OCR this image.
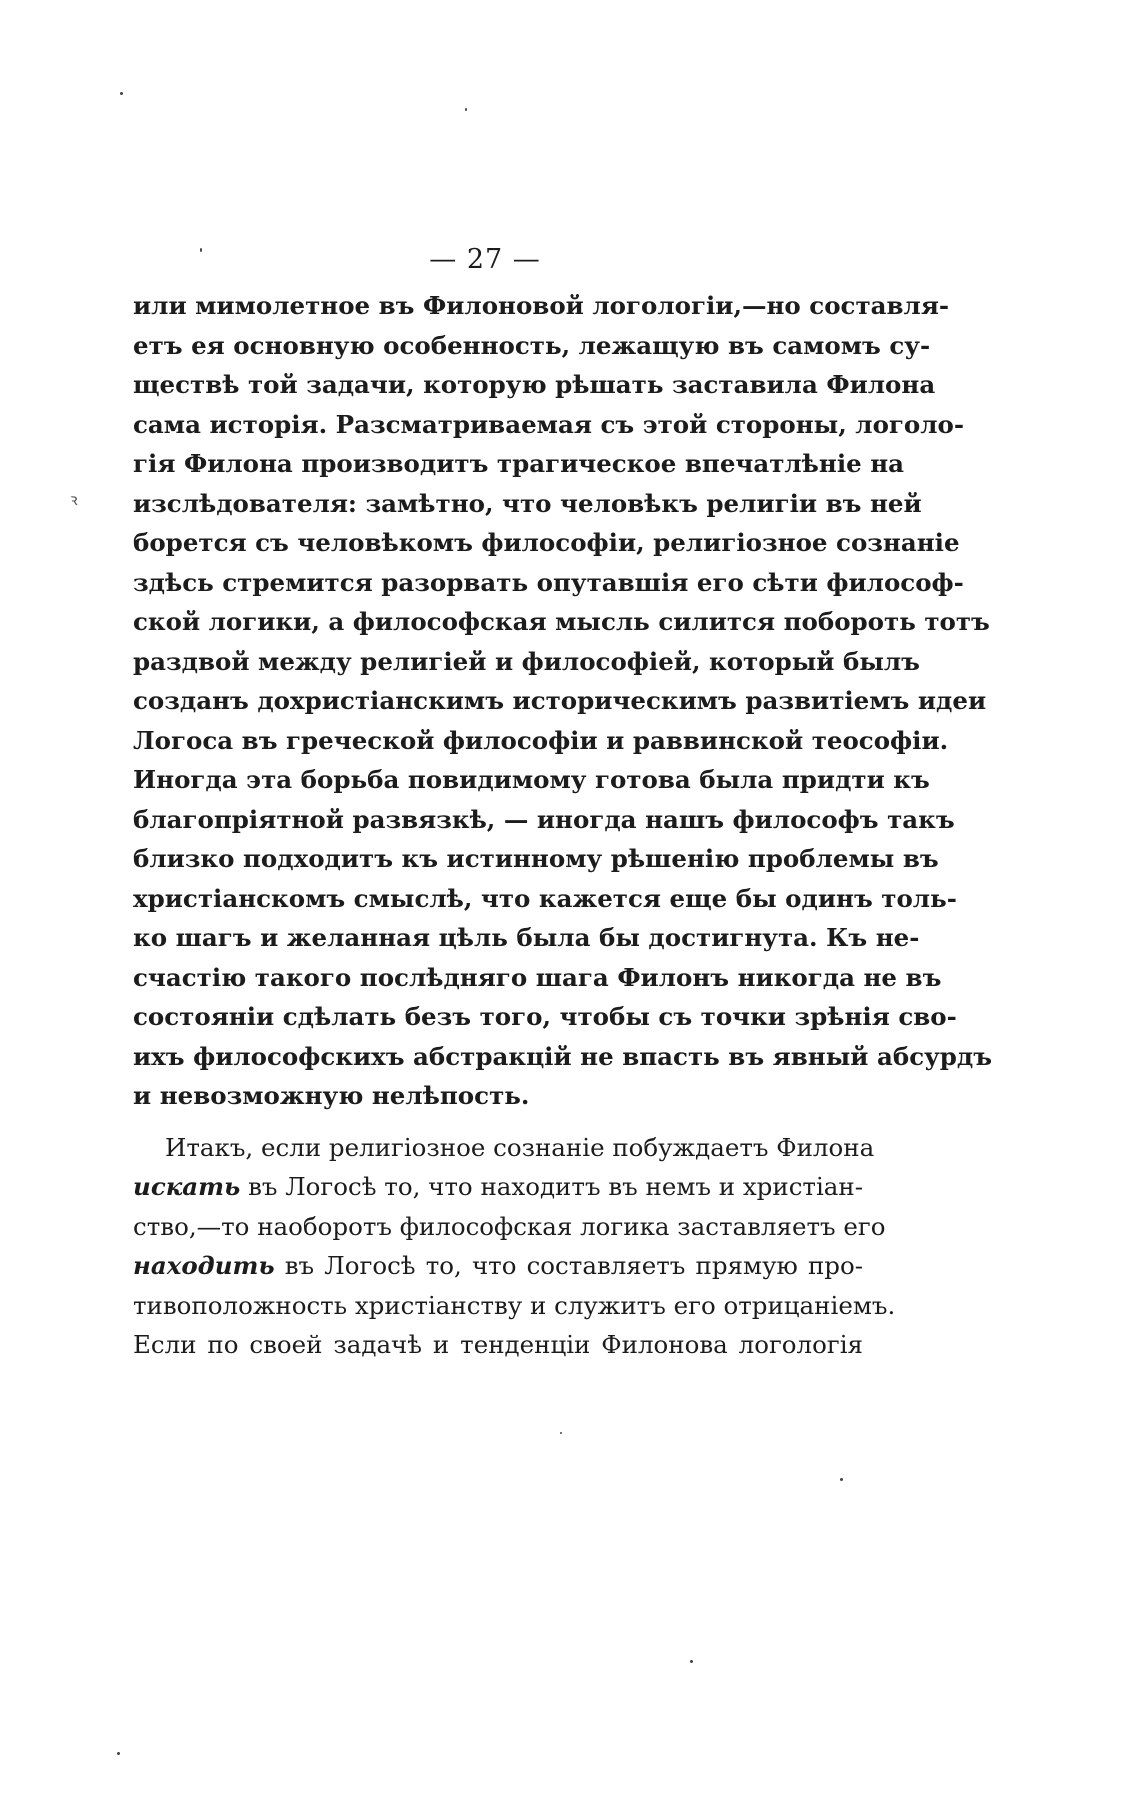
ꝛ
— 27 —
или мимолетное въ Филоновой логологіи,—но составля-
етъ ея основную особенность, лежащую въ самомъ су-
ществѣ той задачи, которую рѣшать заставила Филона
сама исторія. Разсматриваемая съ этой стороны, логоло-
гія Филона производитъ трагическое впечатлѣніе на
изслѣдователя: замѣтно, что человѣкъ религіи въ ней
борется съ человѣкомъ философіи, религіозное сознаніе
здѣсь стремится разорвать опутавшія его сѣти философ-
ской логики, а философская мысль силится побороть тотъ
раздвой между религіей и философіей, который былъ
созданъ дохристіанскимъ историческимъ развитіемъ идеи
Логоса въ греческой философіи и раввинской теософіи.
Иногда эта борьба повидимому готова была придти къ
благопріятной развязкѣ, — иногда нашъ философъ такъ
близко подходитъ къ истинному рѣшенію проблемы въ
христіанскомъ смыслѣ, что кажется еще бы одинъ толь-
ко шагъ и желанная цѣль была бы достигнута. Къ не-
счастію такого послѣдняго шага Филонъ никогда не въ
состояніи сдѣлать безъ того, чтобы съ точки зрѣнія сво-
ихъ философскихъ абстракцій не впасть въ явный абсурдъ
и невозможную нелѣпость.
Итакъ, если религіозное сознаніе побуждаетъ Филона
искать въ Логосѣ то, что находитъ въ немъ и христіан-
ство,—то наоборотъ философская логика заставляетъ его
находить въ Логосѣ то, что составляетъ прямую про-
тивоположность христіанству и служитъ его отрицаніемъ.
Если по своей задачѣ и тенденціи Филонова логологія
